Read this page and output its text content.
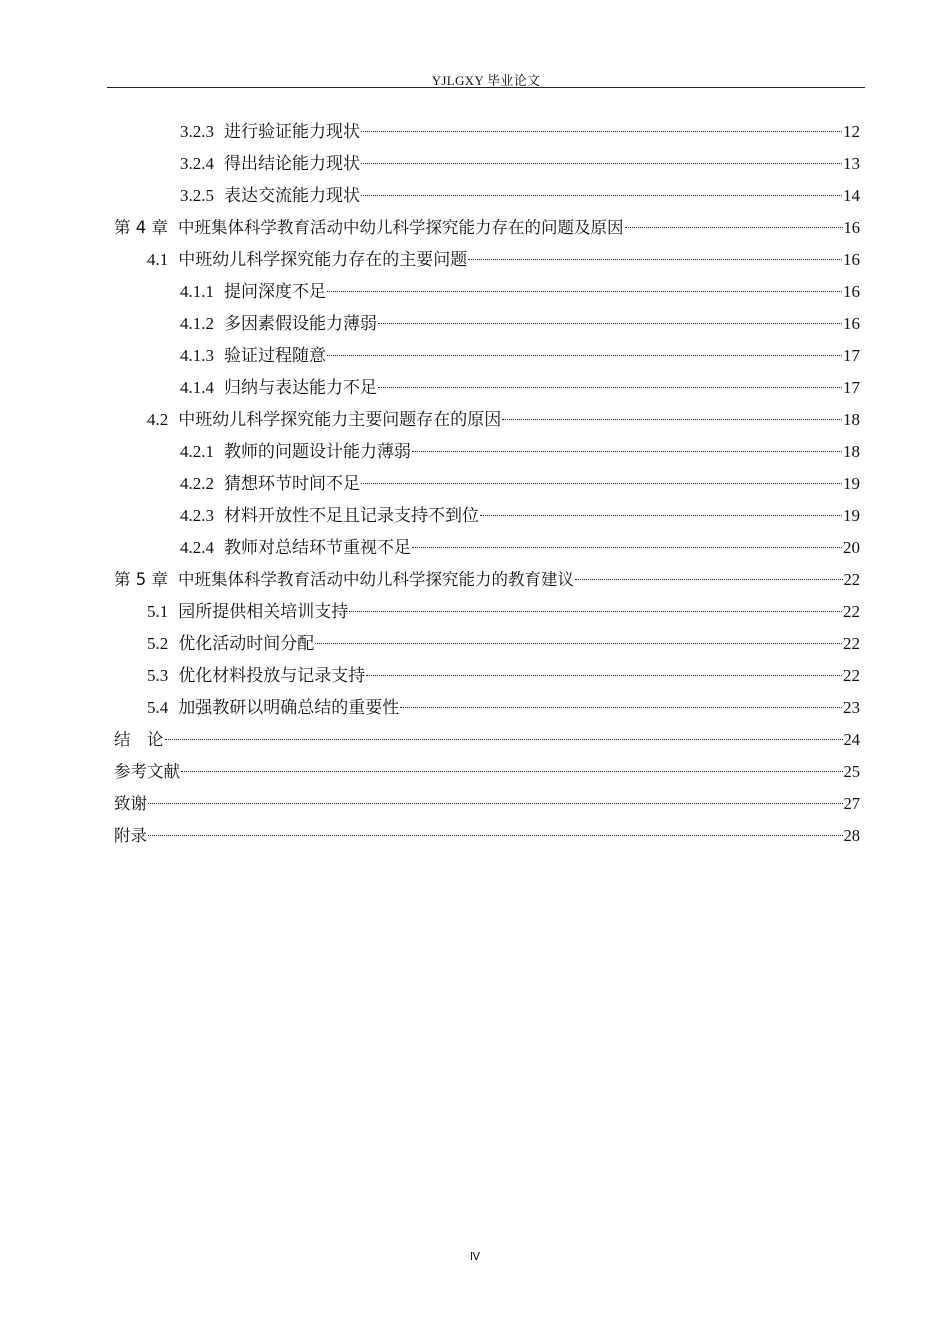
YJLGXY 毕业论文
3.2.3 进行验证能力现状	12
3.2.4 得出结论能力现状	13
3.2.5 表达交流能力现状	14
第 4 章 中班集体科学教育活动中幼儿科学探究能力存在的问题及原因	16
4.1 中班幼儿科学探究能力存在的主要问题	16
4.1.1 提问深度不足	16
4.1.2 多因素假设能力薄弱	16
4.1.3 验证过程随意	17
4.1.4 归纳与表达能力不足	17
4.2 中班幼儿科学探究能力主要问题存在的原因	18
4.2.1 教师的问题设计能力薄弱	18
4.2.2 猜想环节时间不足	19
4.2.3 材料开放性不足且记录支持不到位	19
4.2.4 教师对总结环节重视不足	20
第 5 章 中班集体科学教育活动中幼儿科学探究能力的教育建议	22
5.1 园所提供相关培训支持	22
5.2 优化活动时间分配	22
5.3 优化材料投放与记录支持	22
5.4 加强教研以明确总结的重要性	23
结　论	24
参考文献	25
致谢	27
附录	28
Ⅳ
